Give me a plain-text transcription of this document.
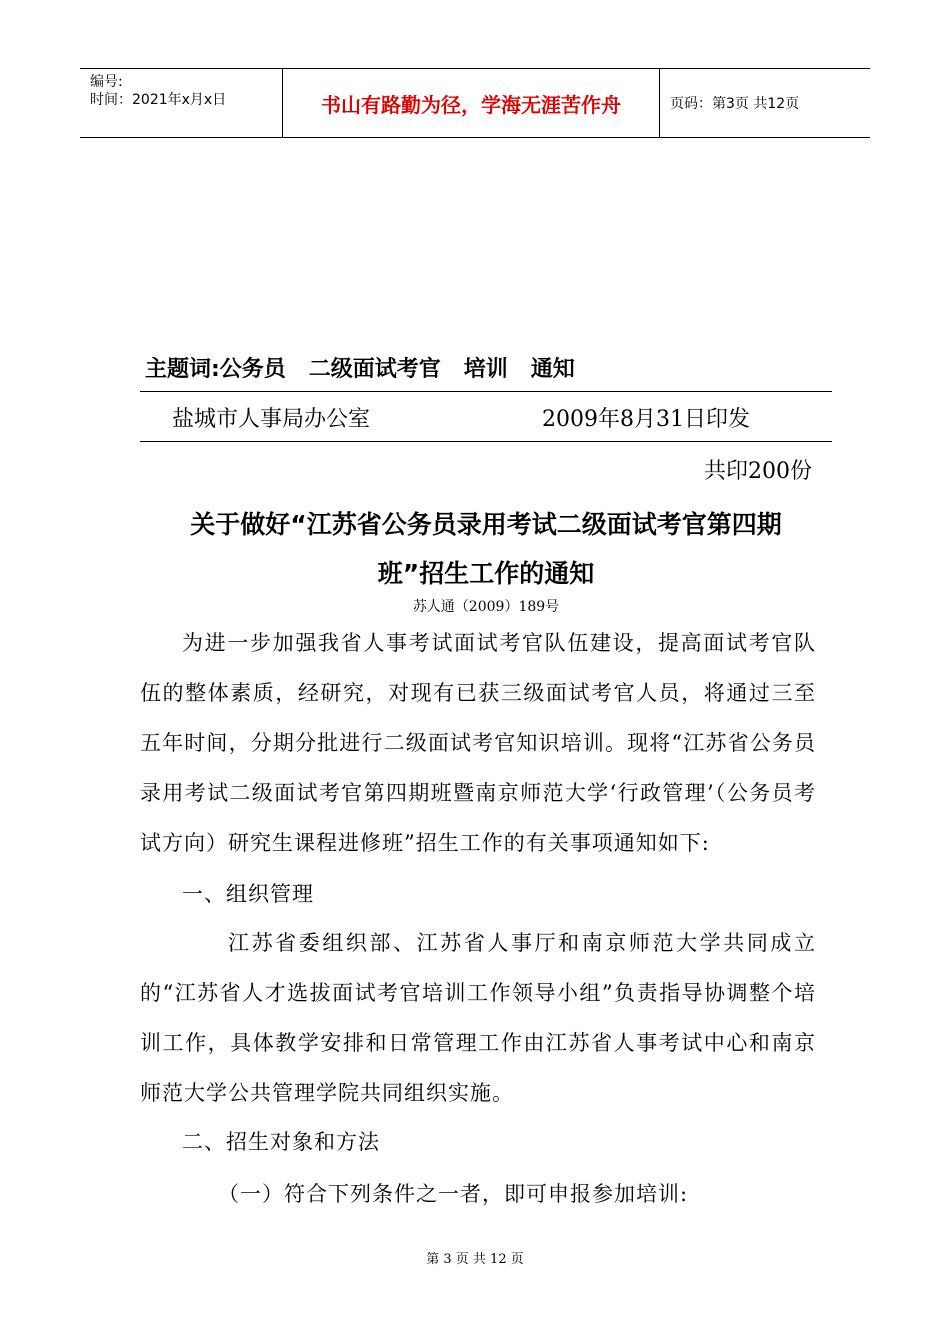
编号:
时间：2021年x月x日	书山有路勤为径，学海无涯苦作舟	页码：第3页 共12页
主题词:公务员   二级面试考官   培训   通知
盐城市人事局办公室	2009年8月31日印发
共印200份
关于做好“江苏省公务员录用考试二级面试考官第四期
班”招生工作的通知
苏人通（2009）189号
为进一步加强我省人事考试面试考官队伍建设，提高面试考官队伍的整体素质，经研究，对现有已获三级面试考官人员，将通过三至五年时间，分期分批进行二级面试考官知识培训。现将“江苏省公务员录用考试二级面试考官第四期班暨南京师范大学‘行政管理’（公务员考试方向）研究生课程进修班”招生工作的有关事项通知如下:
一、组织管理
江苏省委组织部、江苏省人事厅和南京师范大学共同成立的“江苏省人才选拔面试考官培训工作领导小组”负责指导协调整个培训工作，具体教学安排和日常管理工作由江苏省人事考试中心和南京师范大学公共管理学院共同组织实施。
二、招生对象和方法
（一）符合下列条件之一者，即可申报参加培训:
第 3 页 共 12 页
